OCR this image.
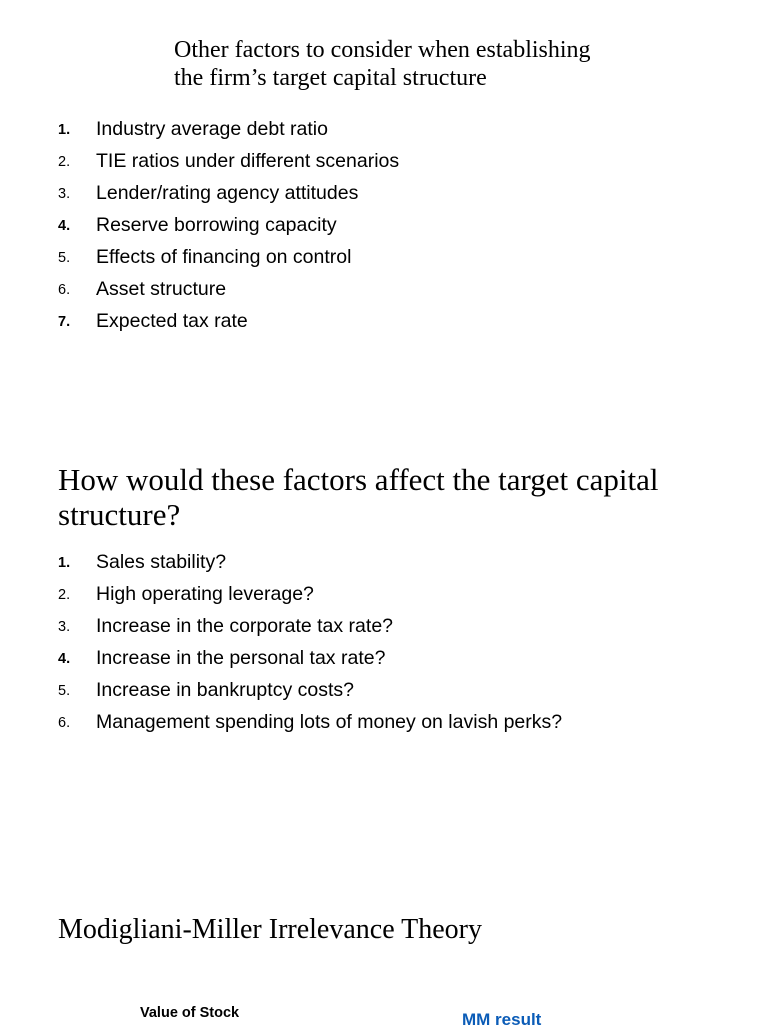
Other factors to consider when establishing
the firm’s target capital structure
1.	Industry average debt ratio
2.	TIE ratios under different scenarios
3.	Lender/rating agency attitudes
4.	Reserve borrowing capacity
5.	Effects of financing on control
6.	Asset structure
7.	Expected tax rate
How would these factors affect the target capital
structure?
1.	Sales stability?
2.	High operating leverage?
3.	Increase in the corporate tax rate?
4.	Increase in the personal tax rate?
5.	Increase in bankruptcy costs?
6.	Management spending lots of money on lavish perks?
Modigliani-Miller Irrelevance Theory
Value of Stock	MM result
